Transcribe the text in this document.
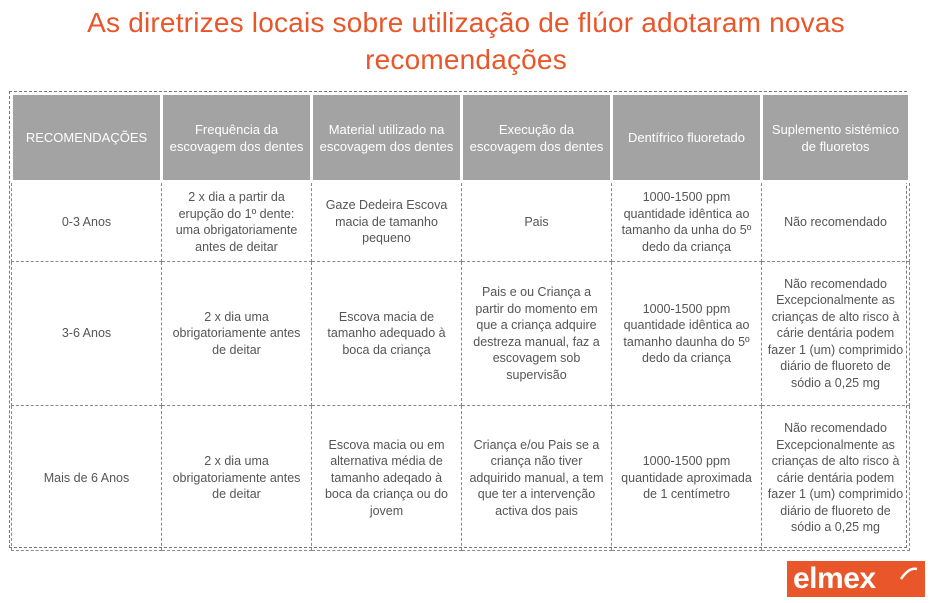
As diretrizes locais sobre utilização de flúor adotaram novas
recomendações
RECOMENDAÇÕES	Frequência da escovagem dos dentes	Material utilizado na escovagem dos dentes	Execução da escovagem dos dentes	Dentífrico fluoretado	Suplemento sistémico de fluoretos
0-3 Anos	2 x dia a partir da erupção do 1º dente: uma obrigatoriamente antes de deitar	Gaze Dedeira Escova macia de tamanho pequeno	Pais	1000-1500 ppm quantidade idêntica ao tamanho da unha do 5º dedo da criança	Não recomendado
3-6 Anos	2 x dia uma obrigatoriamente antes de deitar	Escova macia de tamanho adequado à boca da criança	Pais e ou Criança a partir do momento em que a criança adquire destreza manual, faz a escovagem sob supervisão	1000-1500 ppm quantidade idêntica ao tamanho daunha do 5º dedo da criança	Não recomendado Excepcionalmente as crianças de alto risco à cárie dentária podem fazer 1 (um) comprimido diário de fluoreto de sódio a 0,25 mg
Mais de 6 Anos	2 x dia uma obrigatoriamente antes de deitar	Escova macia ou em alternativa média de tamanho adeqado à boca da criança ou do jovem	Criança e/ou Pais se a criança não tiver adquirido manual, a tem que ter a intervenção activa dos pais	1000-1500 ppm quantidade aproximada de 1 centímetro	Não recomendado Excepcionalmente as crianças de alto risco à cárie dentária podem fazer 1 (um) comprimido diário de fluoreto de sódio a 0,25 mg
elmex
